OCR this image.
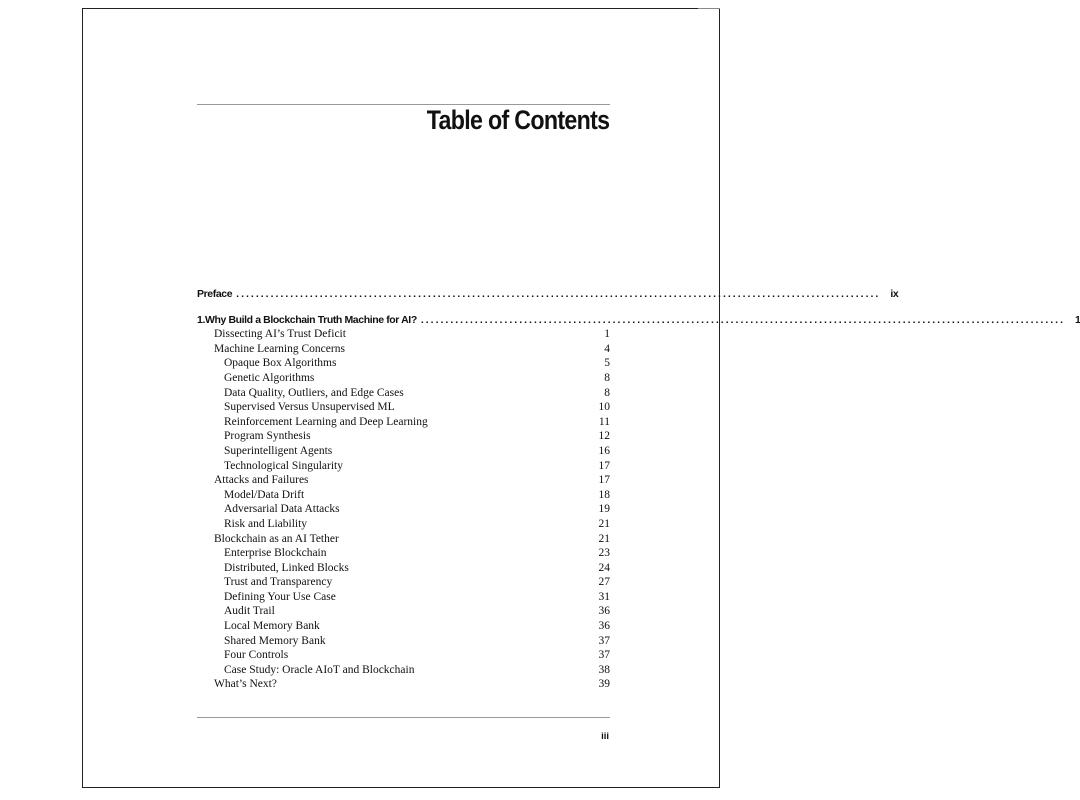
Table of Contents
Preface ................................................................................................................................... ix
1. Why Build a Blockchain Truth Machine for AI? ................................................................................................................................... 1
Dissecting AI’s Trust Deficit	1
Machine Learning Concerns	4
Opaque Box Algorithms	5
Genetic Algorithms	8
Data Quality, Outliers, and Edge Cases	8
Supervised Versus Unsupervised ML	10
Reinforcement Learning and Deep Learning	11
Program Synthesis	12
Superintelligent Agents	16
Technological Singularity	17
Attacks and Failures	17
Model/Data Drift	18
Adversarial Data Attacks	19
Risk and Liability	21
Blockchain as an AI Tether	21
Enterprise Blockchain	23
Distributed, Linked Blocks	24
Trust and Transparency	27
Defining Your Use Case	31
Audit Trail	36
Local Memory Bank	36
Shared Memory Bank	37
Four Controls	37
Case Study: Oracle AIoT and Blockchain	38
What’s Next?	39
iii
